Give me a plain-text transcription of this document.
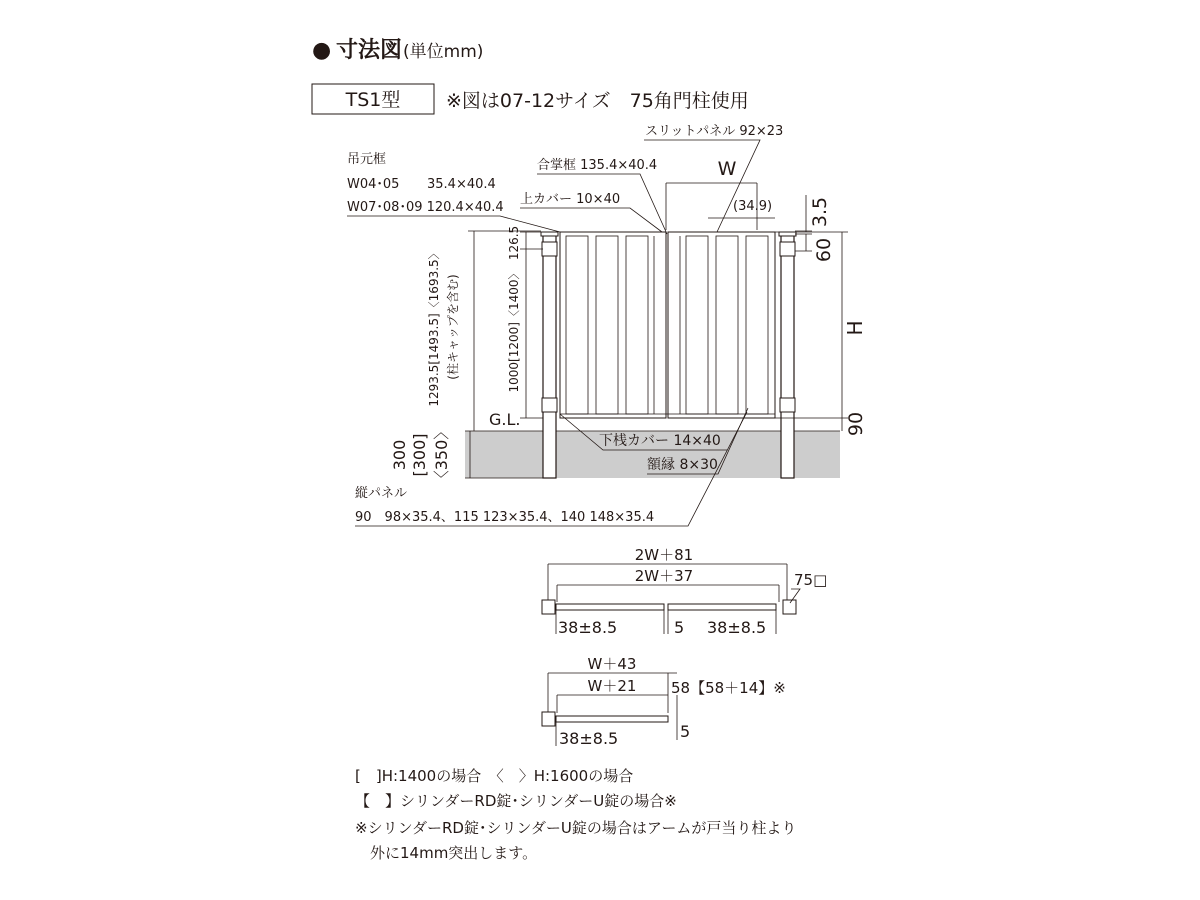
● 寸法図 (単位mm)
TS1型 ※図は07-12サイズ　75角門柱使用
W
(34.9)
スリットパネル 92×23
合掌框 135.4×40.4
上カバー 10×40
吊元框
W04･05 35.4×40.4
W07･08･09 120.4×40.4	3.5
60
H
90
126.5
1000[1200]〈1400〉
1293.5[1493.5]〈1693.5〉 (柱キャップを含む)
G.L.
300 [300] 〈350〉	下桟カバー 14×40
額縁 8×30
縦パネル
90　98×35.4、115 123×35.4、140 148×35.4
2W＋81
2W＋37	75□
38±8.5	5 38±8.5
W＋43
W＋21 58【58＋14】※
38±8.5	5
[　]H:1400の場合　〈　〉H:1600の場合
【　】シリンダーRD錠･シリンダーU錠の場合※
※シリンダーRD錠･シリンダーU錠の場合はアームが戸当り柱より
外に14mm突出します。
